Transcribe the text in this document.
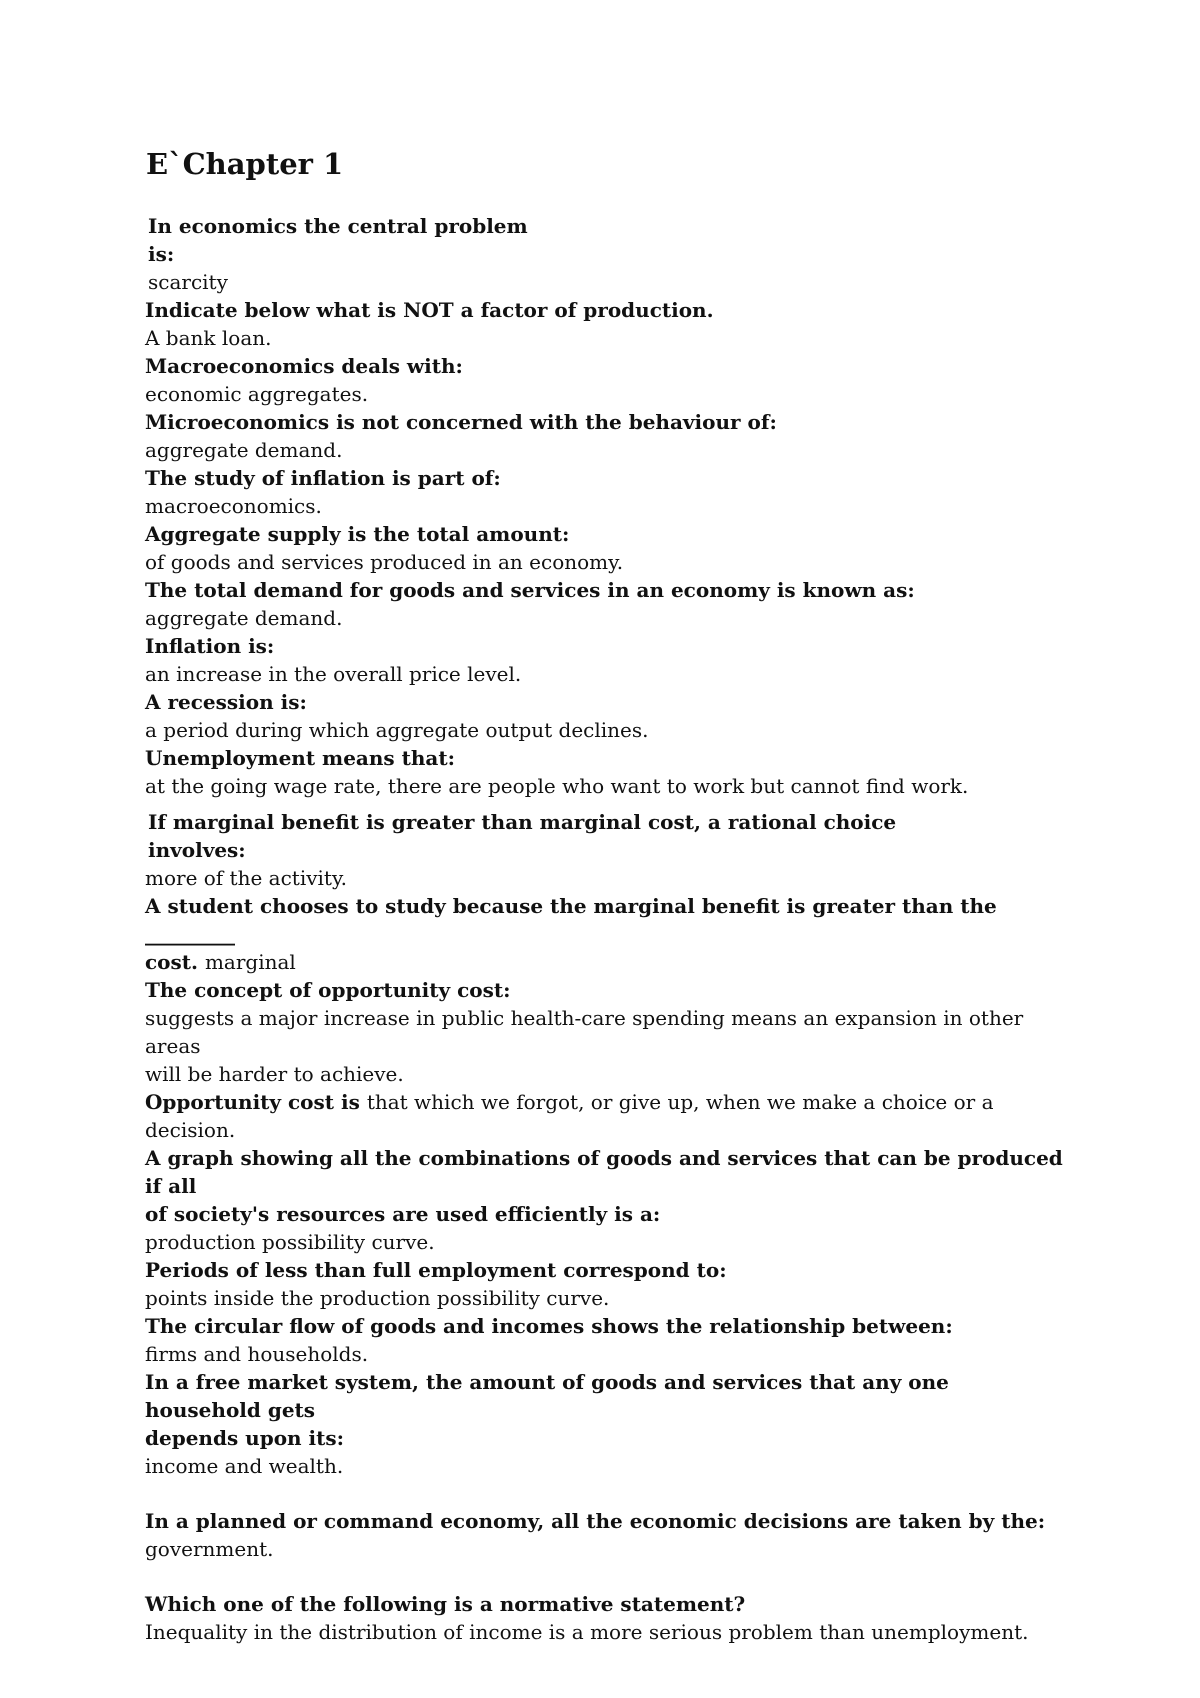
E`Chapter 1

In economics the central problem

is:

scarcity

Indicate below what is NOT a factor of production.

A bank loan.

Macroeconomics deals with:

economic aggregates.

Microeconomics is not concerned with the behaviour of:

aggregate demand.

The study of inflation is part of:

macroeconomics.

Aggregate supply is the total amount:

of goods and services produced in an economy.

The total demand for goods and services in an economy is known as:

aggregate demand.

Inflation is:

an increase in the overall price level.

A recession is:

a period during which aggregate output declines.

Unemployment means that:

at the going wage rate, there are people who want to work but cannot find work.

If marginal benefit is greater than marginal cost, a rational choice

involves:

more of the activity.

A student chooses to study because the marginal benefit is greater than the _________

cost. marginal

The concept of opportunity cost:

suggests a major increase in public health-care spending means an expansion in other areas

will be harder to achieve.

Opportunity cost is that which we forgot, or give up, when we make a choice or a decision.

A graph showing all the combinations of goods and services that can be produced if all

of society's resources are used efficiently is a:

production possibility curve.

Periods of less than full employment correspond to:

points inside the production possibility curve.

The circular flow of goods and incomes shows the relationship between:

firms and households.

In a free market system, the amount of goods and services that any one household gets

depends upon its:

income and wealth.

In a planned or command economy, all the economic decisions are taken by the:

government.

Which one of the following is a normative statement?

Inequality in the distribution of income is a more serious problem than unemployment.
